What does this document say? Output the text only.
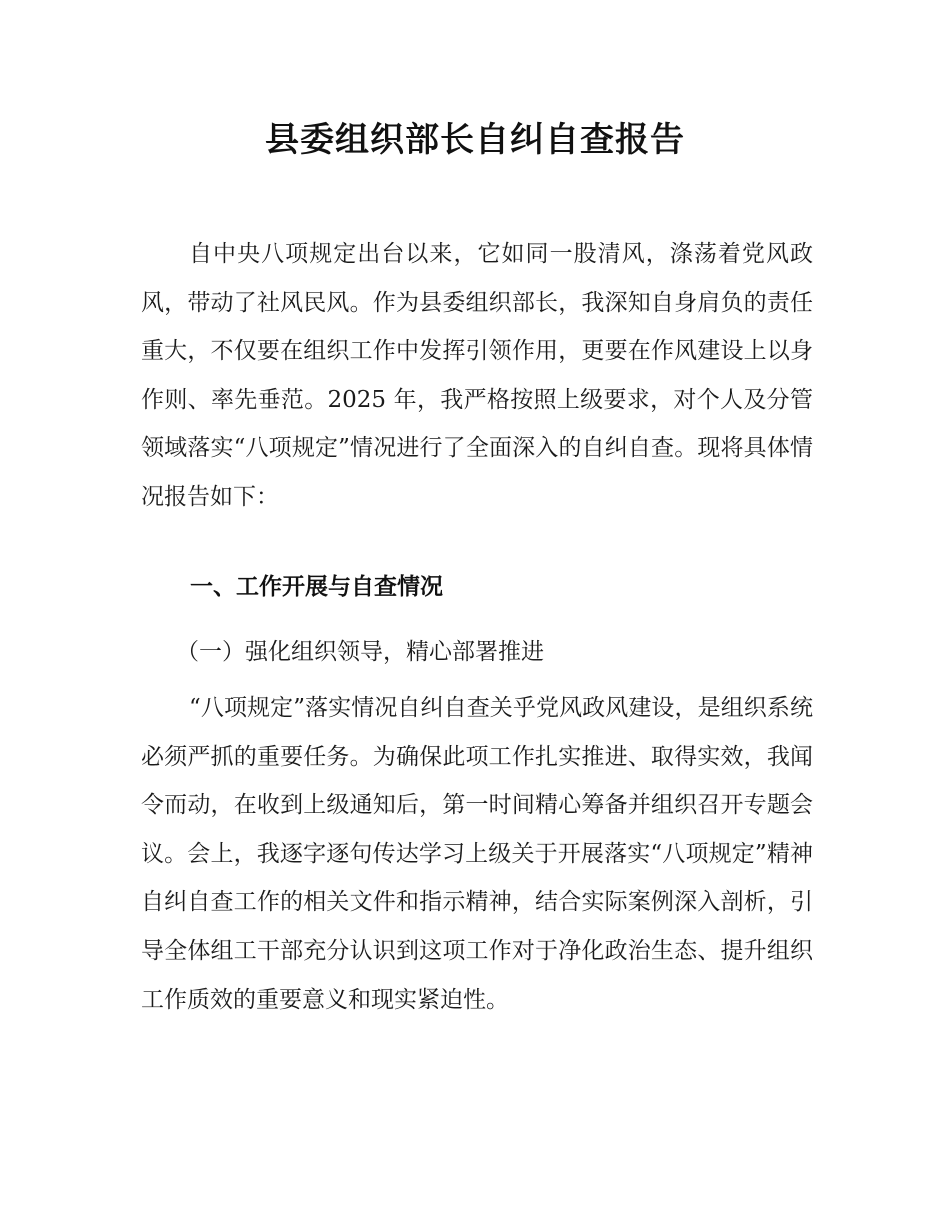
县委组织部长自纠自查报告

自中央八项规定出台以来，它如同一股清风，涤荡着党风政风，带动了社风民风。作为县委组织部长，我深知自身肩负的责任重大，不仅要在组织工作中发挥引领作用，更要在作风建设上以身作则、率先垂范。2025 年，我严格按照上级要求，对个人及分管领域落实“八项规定”情况进行了全面深入的自纠自查。现将具体情况报告如下：

一、工作开展与自查情况
（一）强化组织领导，精心部署推进

“八项规定”落实情况自纠自查关乎党风政风建设，是组织系统必须严抓的重要任务。为确保此项工作扎实推进、取得实效，我闻令而动，在收到上级通知后，第一时间精心筹备并组织召开专题会议。会上，我逐字逐句传达学习上级关于开展落实“八项规定”精神自纠自查工作的相关文件和指示精神，结合实际案例深入剖析，引导全体组工干部充分认识到这项工作对于净化政治生态、提升组织工作质效的重要意义和现实紧迫性。
